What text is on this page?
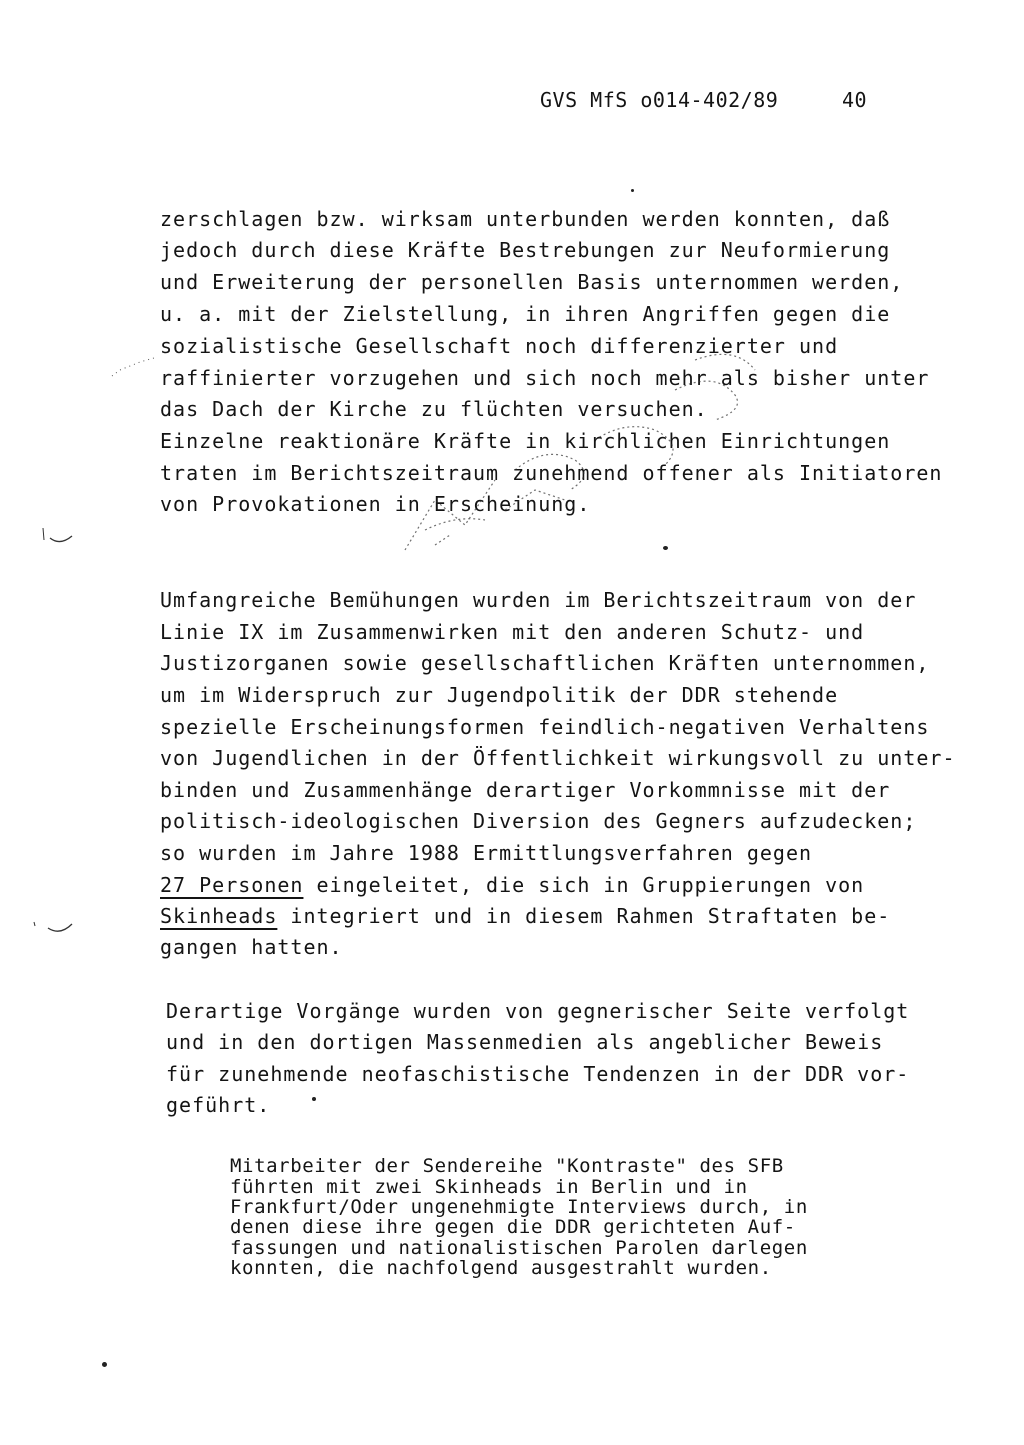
GVS MfS o014-402/89

	40

zerschlagen bzw. wirksam unterbunden werden konnten, daß
jedoch durch diese Kräfte Bestrebungen zur Neuformierung
und Erweiterung der personellen Basis unternommen werden,
u. a. mit der Zielstellung, in ihren Angriffen gegen die
sozialistische Gesellschaft noch differenzierter und
raffinierter vorzugehen und sich noch mehr als bisher unter
das Dach der Kirche zu flüchten versuchen.
Einzelne reaktionäre Kräfte in kirchlichen Einrichtungen
traten im Berichtszeitraum zunehmend offener als Initiatoren
von Provokationen in Erscheinung.
Umfangreiche Bemühungen wurden im Berichtszeitraum von der
Linie IX im Zusammenwirken mit den anderen Schutz- und
Justizorganen sowie gesellschaftlichen Kräften unternommen,
um im Widerspruch zur Jugendpolitik der DDR stehende
spezielle Erscheinungsformen feindlich-negativen Verhaltens
von Jugendlichen in der Öffentlichkeit wirkungsvoll zu unter-
binden und Zusammenhänge derartiger Vorkommnisse mit der
politisch-ideologischen Diversion des Gegners aufzudecken;
so wurden im Jahre 1988 Ermittlungsverfahren gegen
27 Personen eingeleitet, die sich in Gruppierungen von
Skinheads integriert und in diesem Rahmen Straftaten be-
gangen hatten.
Derartige Vorgänge wurden von gegnerischer Seite verfolgt
und in den dortigen Massenmedien als angeblicher Beweis
für zunehmende neofaschistische Tendenzen in der DDR vor-
geführt.
Mitarbeiter der Sendereihe "Kontraste" des SFB
führten mit zwei Skinheads in Berlin und in
Frankfurt/Oder ungenehmigte Interviews durch, in
denen diese ihre gegen die DDR gerichteten Auf-
fassungen und nationalistischen Parolen darlegen
konnten, die nachfolgend ausgestrahlt wurden.
